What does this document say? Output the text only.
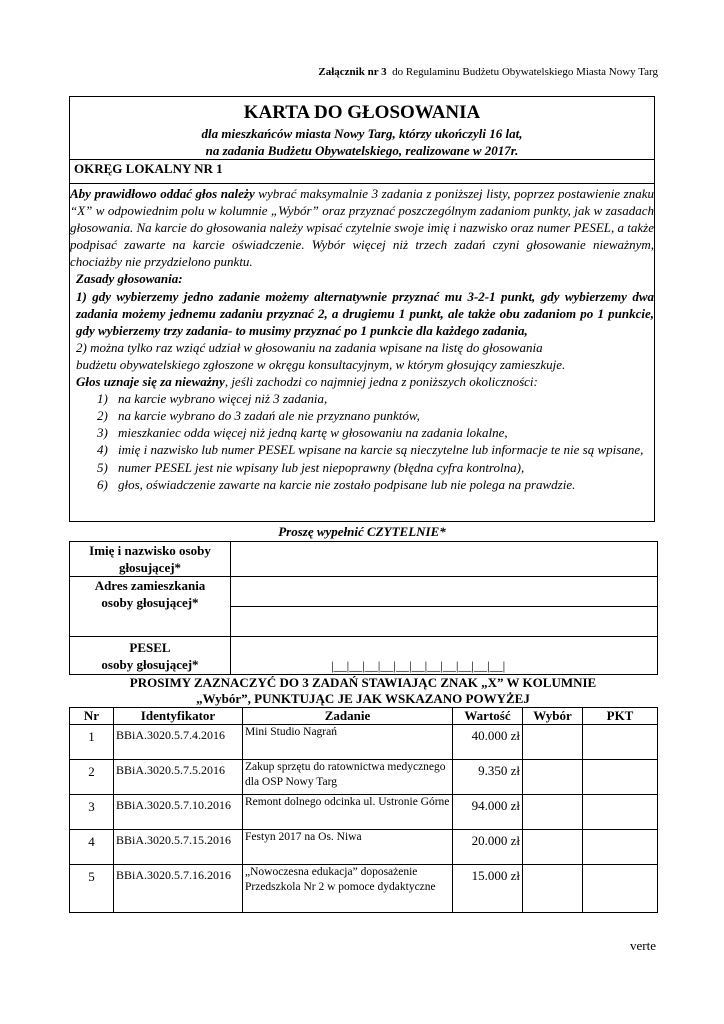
Załącznik nr 3 do Regulaminu Budżetu Obywatelskiego Miasta Nowy Targ
KARTA DO GŁOSOWANIA
dla mieszkańców miasta Nowy Targ, którzy ukończyli 16 lat,
na zadania Budżetu Obywatelskiego, realizowane w 2017r.
OKRĘG LOKALNY NR 1

Aby prawidłowo oddać głos należy wybrać maksymalnie 3 zadania z poniższej listy, poprzez postawienie znaku “X” w odpowiednim polu w kolumnie „Wybór” oraz przyznać poszczególnym zadaniom punkty, jak w zasadach głosowania. Na karcie do głosowania należy wpisać czytelnie swoje imię i nazwisko oraz numer PESEL, a także podpisać zawarte na karcie oświadczenie. Wybór więcej niż trzech zadań czyni głosowanie nieważnym, chociażby nie przydzielono punktu.

Zasady głosowania:

1) gdy wybierzemy jedno zadanie możemy alternatywnie przyznać mu 3-2-1 punkt, gdy wybierzemy dwa zadania możemy jednemu zadaniu przyznać 2, a drugiemu 1 punkt, ale także obu zadaniom po 1 punkcie, gdy wybierzemy trzy zadania- to musimy przyznać po 1 punkcie dla każdego zadania,

2) można tylko raz wziąć udział w głosowaniu na zadania wpisane na listę do głosowania
budżetu obywatelskiego zgłoszone w okręgu konsultacyjnym, w którym głosujący zamieszkuje.

Głos uznaje się za nieważny, jeśli zachodzi co najmniej jedna z poniższych okoliczności:

1) na karcie wybrano więcej niż 3 zadania,
2) na karcie wybrano do 3 zadań ale nie przyznano punktów,
3) mieszkaniec odda więcej niż jedną kartę w głosowaniu na zadania lokalne,
4) imię i nazwisko lub numer PESEL wpisane na karcie są nieczytelne lub informacje te nie są wpisane,
5) numer PESEL jest nie wpisany lub jest niepoprawny (błędna cyfra kontrolna),
6) głos, oświadczenie zawarte na karcie nie zostało podpisane lub nie polega na prawdzie.
Proszę wypełnić CZYTELNIE*
Imię i nazwisko osoby
głosującej*	

Adres zamieszkania
osoby głosującej*	

PESEL
osoby głosującej*	|__|__|__|__|__|__|__|__|__|__|__|
PROSIMY ZAZNACZYĆ DO 3 ZADAŃ STAWIAJĄC ZNAK „X” W KOLUMNIE
„Wybór”, PUNKTUJĄC JE JAK WSKAZANO POWYŻEJ
Nr	Identyfikator	Zadanie	Wartość	Wybór	PKT
1	BBiA.3020.5.7.4.2016	Mini Studio Nagrań	40.000 zł		
2	BBiA.3020.5.7.5.2016	Zakup sprzętu do ratownictwa medycznego dla OSP Nowy Targ	9.350 zł		
3	BBiA.3020.5.7.10.2016	Remont dolnego odcinka ul. Ustronie Górne	94.000 zł		
4	BBiA.3020.5.7.15.2016	Festyn 2017 na Os. Niwa	20.000 zł		
5	BBiA.3020.5.7.16.2016	„Nowoczesna edukacja” doposażenie Przedszkola Nr 2 w pomoce dydaktyczne	15.000 zł		
verte
